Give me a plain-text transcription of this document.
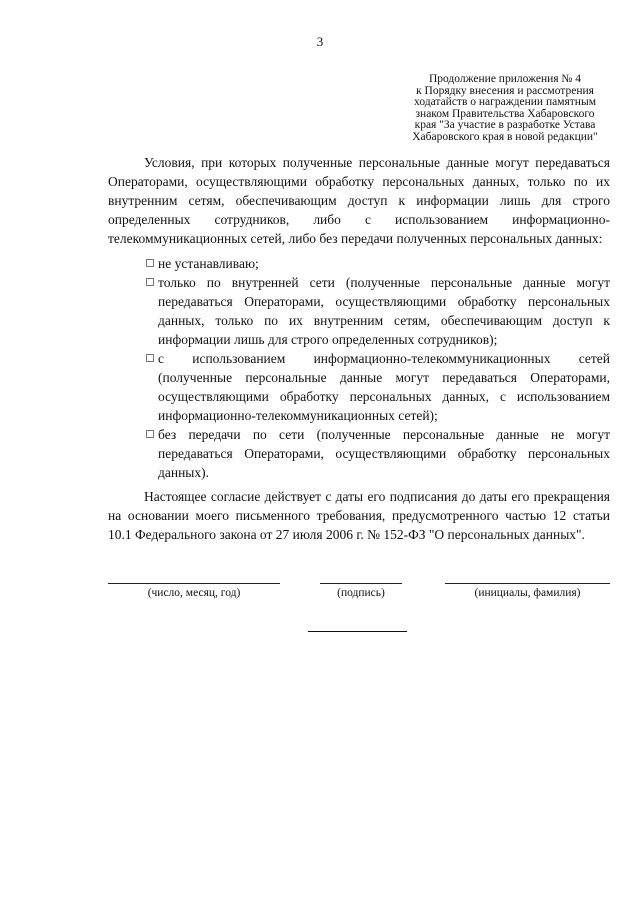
3
Продолжение приложения № 4
к Порядку внесения и рассмотрения
ходатайств о награждении памятным
знаком Правительства Хабаровского
края "За участие в разработке Устава
Хабаровского края в новой редакции"

Условия, при которых полученные персональные данные могут передаваться Операторами, осуществляющими обработку персональных данных, только по их внутренним сетям, обеспечивающим доступ к информации лишь для строго определенных сотрудников, либо с использованием информационно-телекоммуникационных сетей, либо без передачи полученных персональных данных:

не устанавливаю;
только по внутренней сети (полученные персональные данные могут передаваться Операторами, осуществляющими обработку персональных данных, только по их внутренним сетям, обеспечивающим доступ к информации лишь для строго определенных сотрудников);
с использованием информационно-телекоммуникационных сетей (полученные персональные данные могут передаваться Операторами, осуществляющими обработку персональных данных, с использованием информационно-телекоммуникационных сетей);
без передачи по сети (полученные персональные данные не могут передаваться Операторами, осуществляющими обработку персональных данных).

Настоящее согласие действует с даты его подписания до даты его прекращения на основании моего письменного требования, предусмотренного частью 12 статьи 10.1 Федерального закона от 27 июля 2006 г. № 152-ФЗ "О персональных данных".

(число, месяц, год)	(подпись)	(инициалы, фамилия)
